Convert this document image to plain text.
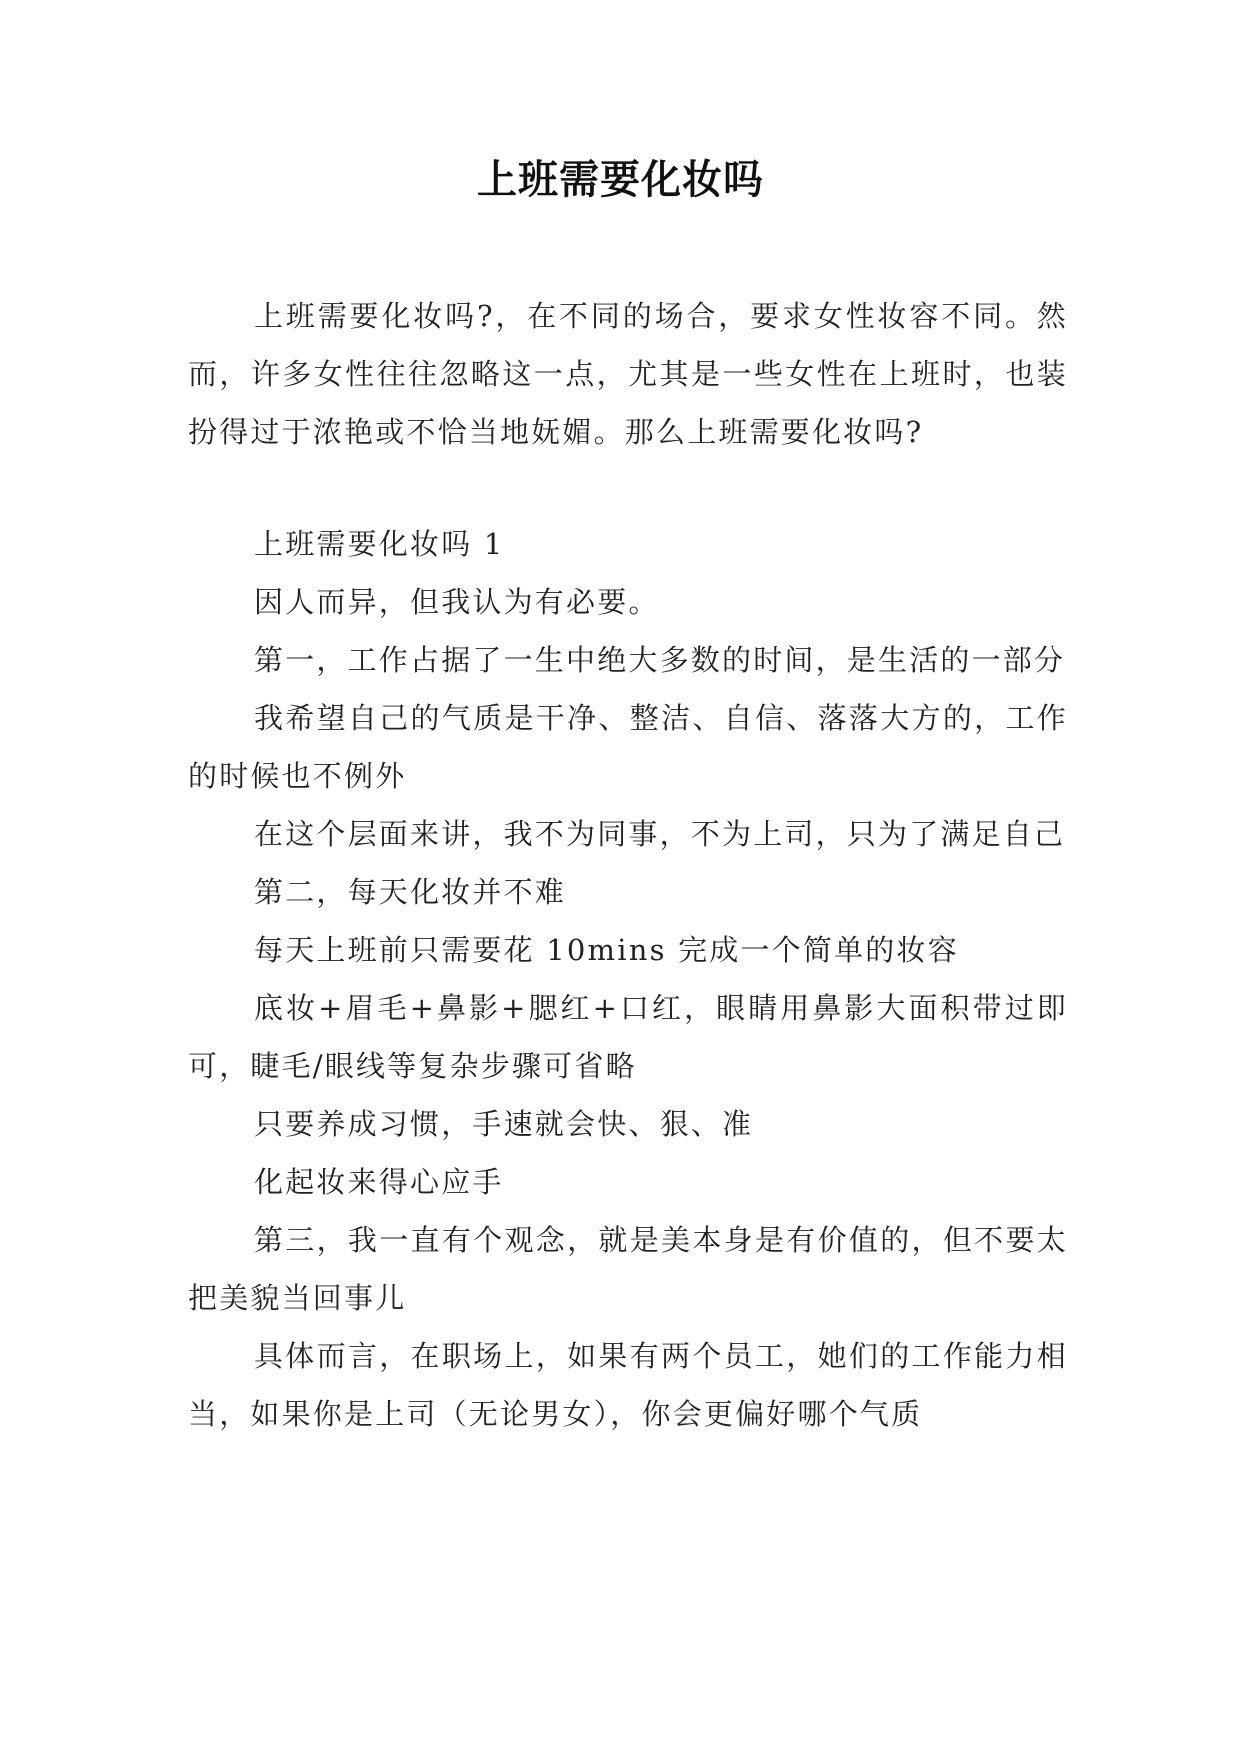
上班需要化妆吗

上班需要化妆吗?，在不同的场合，要求女性妆容不同。然而，许多女性往往忽略这一点，尤其是一些女性在上班时，也装扮得过于浓艳或不恰当地妩媚。那么上班需要化妆吗?

上班需要化妆吗 1

因人而异，但我认为有必要。

第一，工作占据了一生中绝大多数的时间，是生活的一部分

我希望自己的气质是干净、整洁、自信、落落大方的，工作的时候也不例外

在这个层面来讲，我不为同事，不为上司，只为了满足自己

第二，每天化妆并不难

每天上班前只需要花 10mins 完成一个简单的妆容

底妆+眉毛+鼻影+腮红+口红，眼睛用鼻影大面积带过即可，睫毛/眼线等复杂步骤可省略

只要养成习惯，手速就会快、狠、准

化起妆来得心应手

第三，我一直有个观念，就是美本身是有价值的，但不要太把美貌当回事儿

具体而言，在职场上，如果有两个员工，她们的工作能力相当，如果你是上司（无论男女），你会更偏好哪个气质
